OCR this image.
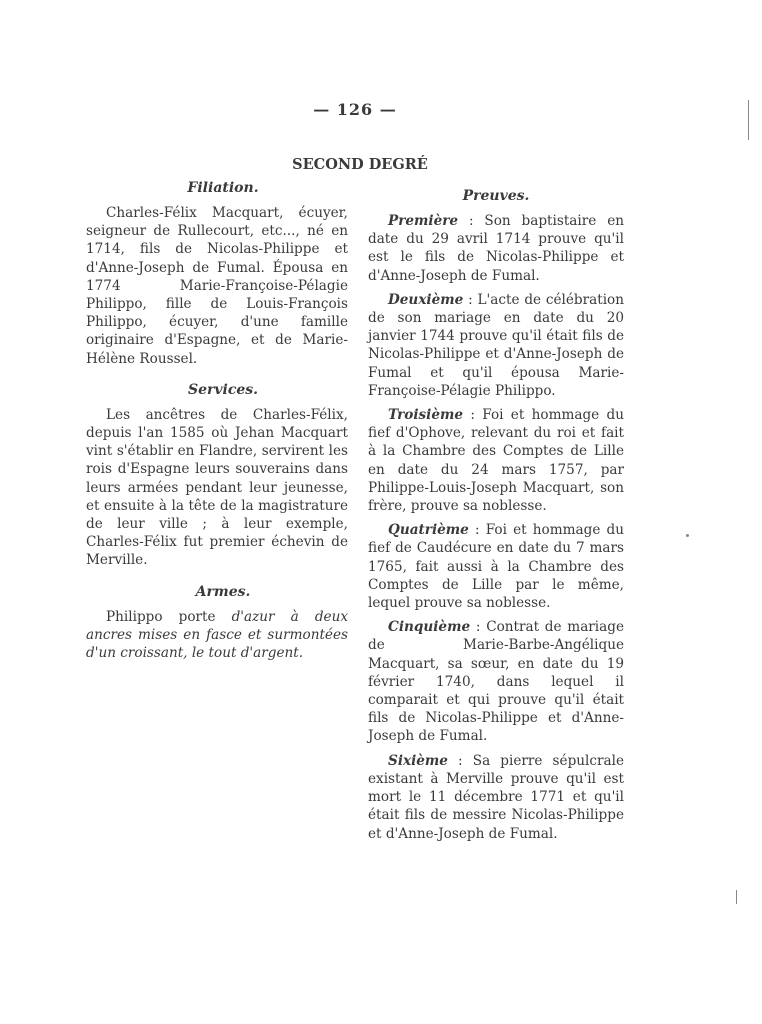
— 126 —
SECOND DEGRÉ

Filiation.

Charles-Félix Macquart, écuyer, seigneur de Rullecourt, etc..., né en 1714, fils de Nicolas-Philippe et d'Anne-Joseph de Fumal. Épousa en 1774 Marie-Françoise-Pélagie Philippo, fille de Louis-François Philippo, écuyer, d'une famille originaire d'Espagne, et de Marie-Hélène Roussel.

Services.

Les ancêtres de Charles-Félix, depuis l'an 1585 où Jehan Macquart vint s'établir en Flandre, servirent les rois d'Espagne leurs souverains dans leurs armées pendant leur jeunesse, et ensuite à la tête de la magistrature de leur ville ; à leur exemple, Charles-Félix fut premier échevin de Merville.

Armes.

Philippo porte d'azur à deux ancres mises en fasce et surmontées d'un croissant, le tout d'argent.

Preuves.

Première : Son baptistaire en date du 29 avril 1714 prouve qu'il est le fils de Nicolas-Philippe et d'Anne-Joseph de Fumal.

Deuxième : L'acte de célébration de son mariage en date du 20 janvier 1744 prouve qu'il était fils de Nicolas-Philippe et d'Anne-Joseph de Fumal et qu'il épousa Marie-Françoise-Pélagie Philippo.

Troisième : Foi et hommage du fief d'Ophove, relevant du roi et fait à la Chambre des Comptes de Lille en date du 24 mars 1757, par Philippe-Louis-Joseph Macquart, son frère, prouve sa noblesse.

Quatrième : Foi et hommage du fief de Caudécure en date du 7 mars 1765, fait aussi à la Chambre des Comptes de Lille par le même, lequel prouve sa noblesse.

Cinquième : Contrat de mariage de Marie-Barbe-Angélique Macquart, sa sœur, en date du 19 février 1740, dans lequel il comparait et qui prouve qu'il était fils de Nicolas-Philippe et d'Anne-Joseph de Fumal.

Sixième : Sa pierre sépulcrale existant à Merville prouve qu'il est mort le 11 décembre 1771 et qu'il était fils de messire Nicolas-Philippe et d'Anne-Joseph de Fumal.
